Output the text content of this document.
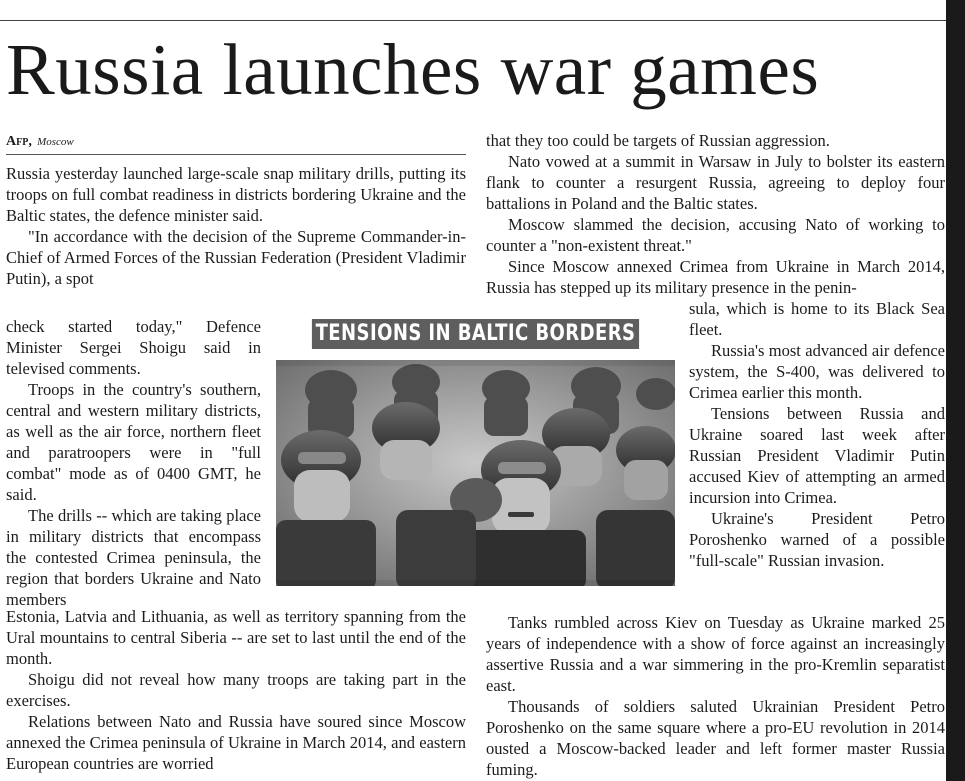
Russia launches war games
Afp, Moscow

Russia yesterday launched large-scale snap military drills, putting its troops on full combat readiness in districts bordering Ukraine and the Baltic states, the defence minister said.

"In accordance with the decision of the Supreme Commander-in-Chief of Armed Forces of the Russian Federation (President Vladimir Putin), a spot

check started today," Defence Minister Sergei Shoigu said in televised comments.

Troops in the country's southern, central and western military districts, as well as the air force, northern fleet and paratroopers were in "full combat" mode as of 0400 GMT, he said.

The drills -- which are taking place in military districts that encompass the contested Crimea peninsula, the region that borders Ukraine and Nato members

Estonia, Latvia and Lithuania, as well as territory spanning from the Ural mountains to central Siberia -- are set to last until the end of the month.

Shoigu did not reveal how many troops are taking part in the exercises.

Relations between Nato and Russia have soured since Moscow annexed the Crimea peninsula of Ukraine in March 2014, and eastern European countries are worried

that they too could be targets of Russian aggression.

Nato vowed at a summit in Warsaw in July to bolster its eastern flank to counter a resurgent Russia, agreeing to deploy four battalions in Poland and the Baltic states.

Moscow slammed the decision, accusing Nato of working to counter a "non-existent threat."

Since Moscow annexed Crimea from Ukraine in March 2014, Russia has stepped up its military presence in the penin-

sula, which is home to its Black Sea fleet.

Russia's most advanced air defence system, the S-400, was delivered to Crimea earlier this month.

Tensions between Russia and Ukraine soared last week after Russian President Vladimir Putin accused Kiev of attempting an armed incursion into Crimea.

Ukraine's President Petro Poroshenko warned of a possible "full-scale" Russian invasion.

Tanks rumbled across Kiev on Tuesday as Ukraine marked 25 years of independence with a show of force against an increasingly assertive Russia and a war simmering in the pro-Kremlin separatist east.

Thousands of soldiers saluted Ukrainian President Petro Poroshenko on the same square where a pro-EU revolution in 2014 ousted a Moscow-backed leader and left former master Russia fuming.

TENSIONS IN BALTIC BORDERS
